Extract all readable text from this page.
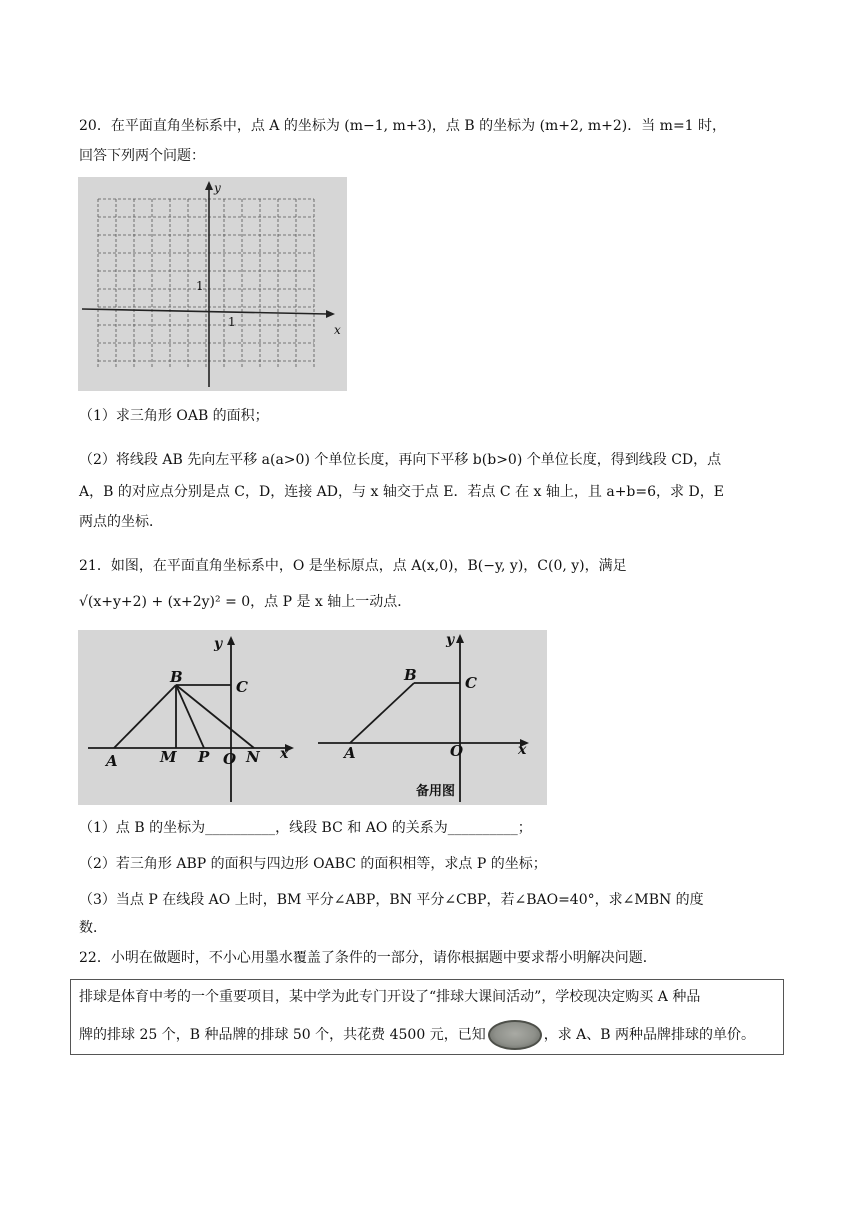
20．在平面直角坐标系中，点 A 的坐标为 (m−1, m+3)，点 B 的坐标为 (m+2, m+2)．当 m=1 时，
回答下列两个问题：
y
x
1
1
（1）求三角形 OAB 的面积；
（2）将线段 AB 先向左平移 a(a>0) 个单位长度，再向下平移 b(b>0) 个单位长度，得到线段 CD，点
A，B 的对应点分别是点 C，D，连接 AD，与 x 轴交于点 E．若点 C 在 x 轴上，且 a+b=6，求 D，E
两点的坐标．
21．如图，在平面直角坐标系中，O 是坐标原点，点 A(x,0)，B(−y, y)，C(0, y)，满足
√(x+y+2) + (x+2y)² = 0，点 P 是 x 轴上一动点．
y
B
C
A	M P O N x
y
B	C
A	O	x
备用图
（1）点 B 的坐标为__________，线段 BC 和 AO 的关系为__________；
（2）若三角形 ABP 的面积与四边形 OABC 的面积相等，求点 P 的坐标；
（3）当点 P 在线段 AO 上时，BM 平分∠ABP，BN 平分∠CBP，若∠BAO=40°，求∠MBN 的度
数．
22．小明在做题时，不小心用墨水覆盖了条件的一部分，请你根据题中要求帮小明解决问题．
排球是体育中考的一个重要项目，某中学为此专门开设了“排球大课间活动”，学校现决定购买 A 种品
牌的排球 25 个，B 种品牌的排球 50 个，共花费 4500 元，已知	，求 A、B 两种品牌排球的单价。
